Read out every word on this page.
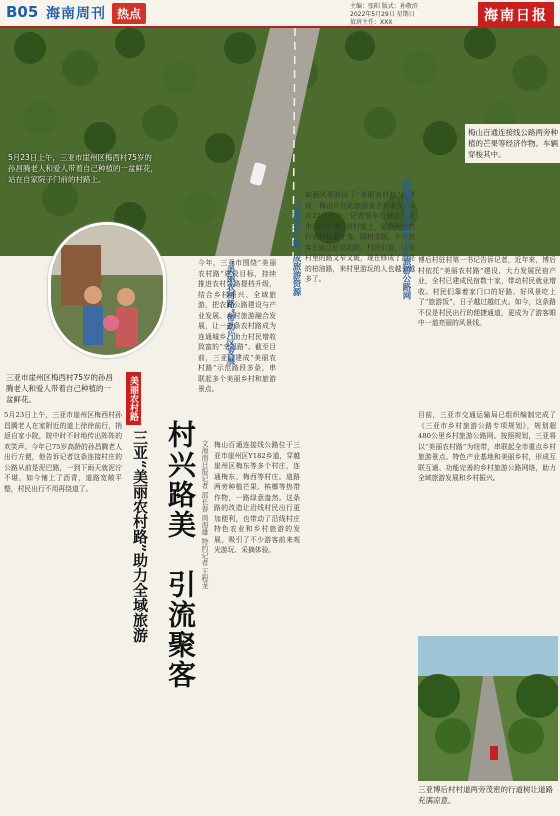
B05 海南周刊 热点
主编：张阳 版式：孙敬滨
2022年5月29日 星期日
值班主任：XXX	海南日报
梅山百通连接线公路两旁种植的芒果等经济作物。车辆穿梭其中。
5月23日上午，三亚市崖州区梅西村75岁的孙昌腾老人和爱人带着自己种植的一盆鲜花，站在自家院子门前的村路上。
三亚市崖州区梅西村75岁的孙昌腾老人和爱人带着自己种植的一盆鲜花。
5月23日上午，三亚市崖州区梅西村孙昌腾老人在家附近的道上徐徐前行，捎返自家小院，院中时不时地传出阵阵的欢笑声。今年已75岁高龄的孙昌腾老人出行方便，他告诉记者这条连接村庄的公路从前是泥巴路，一到下雨天就泥泞不堪，如今铺上了沥青，道路宽敞平整，村民出行不用再绕道了。
美丽农村路
村兴路美　引流聚客
三亚“美丽农村路”助力全域旅游	文海南日报记者 邵长春 周海雄 特约记者 王程龙
“美丽农村路”带动片区发展
今年，三亚市围绕“美丽农村路”建设目标，持续推进农村公路提档升级，结合乡村振兴、全域旅游，把农村公路建设与产业发展、乡村旅游融合发展，让一条条农村路成为连通城乡、助力村民增收致富的“幸福路”。截至目前，三亚已建成“美丽农村路”示范路段多条，串联起多个美丽乡村和旅游景点。
梅山百通连接线公路位于三亚市崖州区Y182乡道，穿越崖州区梅东等多个村庄，连通梅东、梅西等村庄。道路两旁种植芒果、槟榔等热带作物，一路绿意盎然。这条路的改造让沿线村民出行更加便利，也带动了沿线村庄特色农业和乡村旅游的发展，吸引了不少游客前来观光游玩、采摘体验。
“美丽农村路”成旅游资源
如画风景盼出了“美丽农村路”的建设，梅山片区的旅游业方兴未艾。5月22日中午，记者驱车行驶在三亚市吉阳区博后村村道上，道路两旁的行道树枝繁叶茂，绿树成荫，不少游客在路边驻足拍照。村民们说，以前村里的路又窄又破，现在修成了漂亮的柏油路，来村里游玩的人也越来越多了。	规划超480公里乡村旅游公路网 博后村驻村第一书记告诉记者，近年来，博后村依托“美丽农村路”建设，大力发展民宿产业，全村已建成民宿数十家，带动村民就业增收。村民们靠着家门口的好路、好风景吃上了“旅游饭”，日子越过越红火。如今，这条路不仅是村民出行的便捷通道，更成为了游客眼中一道亮丽的风景线。
三亚博后村村道两旁茂密的行道树让道路充满凉意。
目前，三亚市交通运输局已组织编制完成了《三亚市乡村旅游公路专项规划》，规划超480公里乡村旅游公路网。按照规划，三亚将以“美丽农村路”为纽带，串联起全市重点乡村旅游景点、特色产业基地和美丽乡村，形成互联互通、功能完善的乡村旅游公路网络，助力全域旅游发展和乡村振兴。
